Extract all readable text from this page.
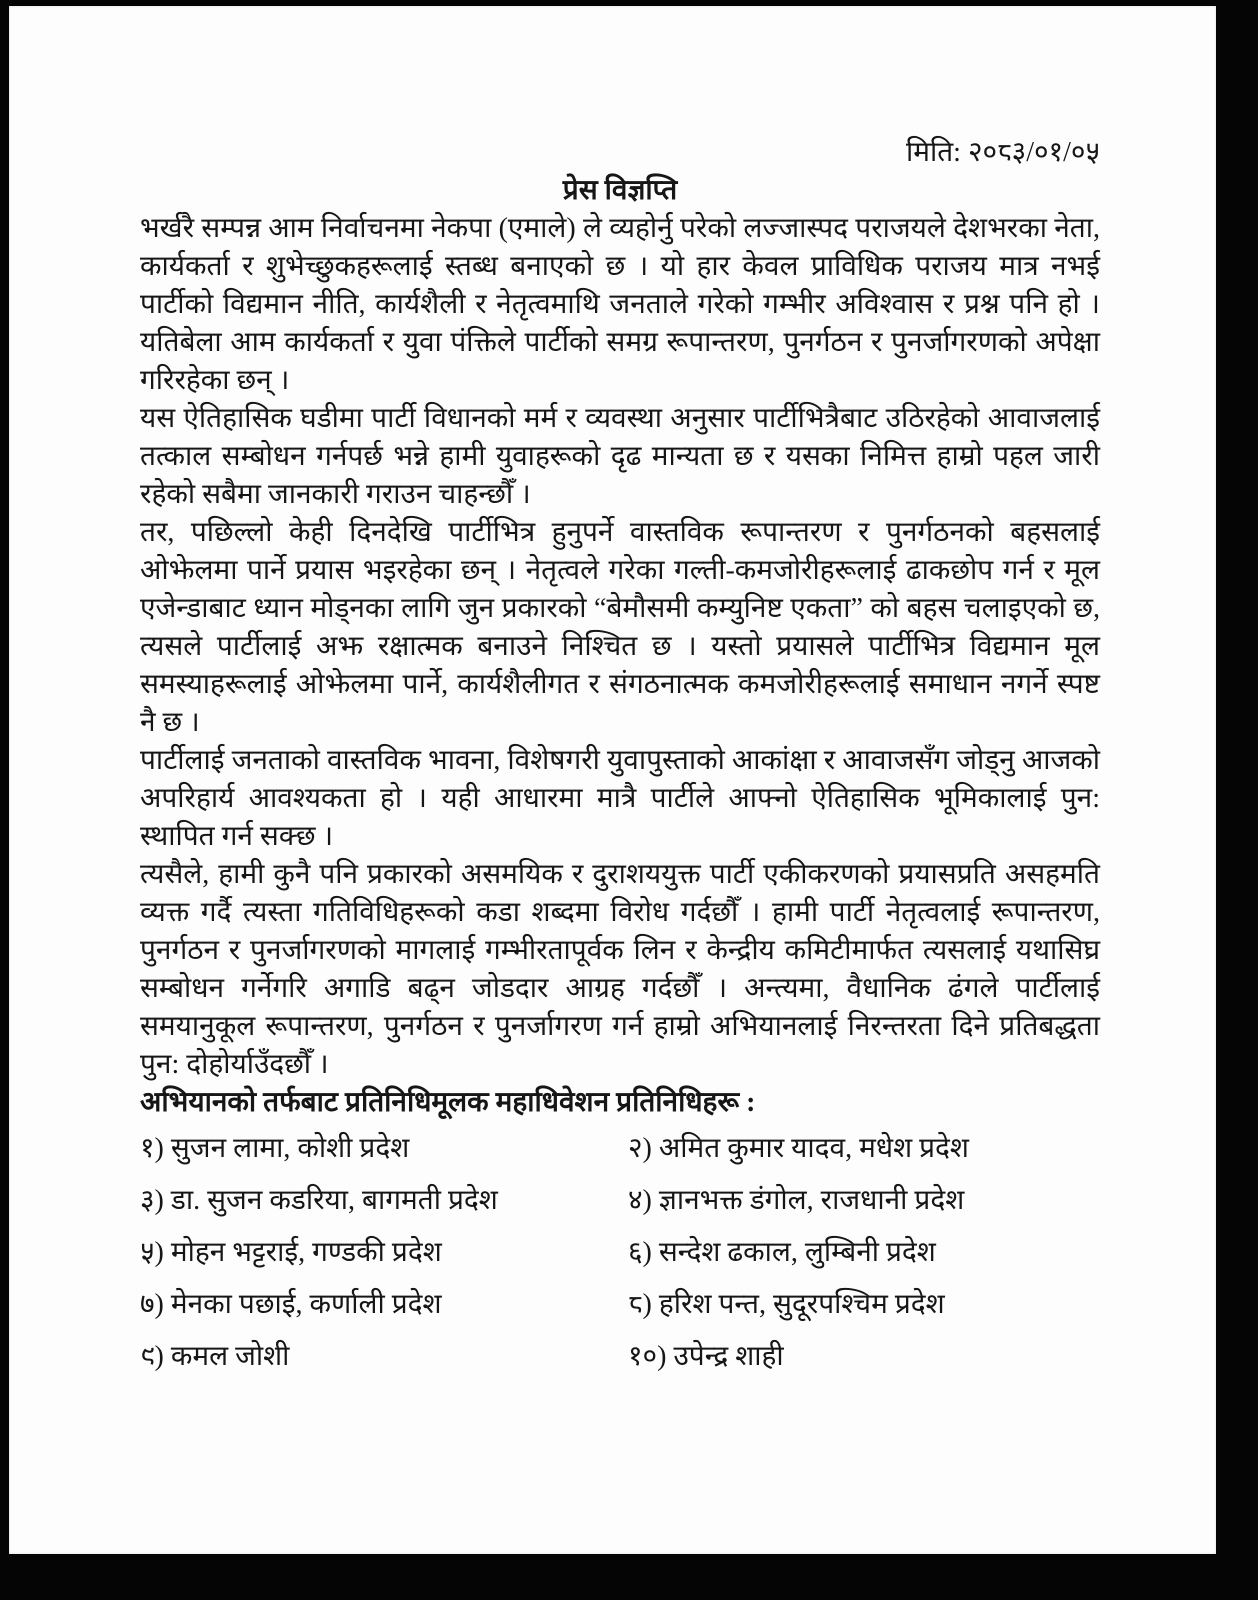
मिति: २०८३/०१/०५
प्रेस विज्ञप्ति

भर्खरै सम्पन्न आम निर्वाचनमा नेकपा (एमाले) ले व्यहोर्नु परेको लज्जास्पद पराजयले देशभरका नेता, कार्यकर्ता र शुभेच्छुकहरूलाई स्तब्ध बनाएको छ । यो हार केवल प्राविधिक पराजय मात्र नभई पार्टीको विद्यमान नीति, कार्यशैली र नेतृत्वमाथि जनताले गरेको गम्भीर अविश्वास र प्रश्न पनि हो । यतिबेला आम कार्यकर्ता र युवा पंक्तिले पार्टीको समग्र रूपान्तरण, पुनर्गठन र पुनर्जागरणको अपेक्षा गरिरहेका छन् ।

यस ऐतिहासिक घडीमा पार्टी विधानको मर्म र व्यवस्था अनुसार पार्टीभित्रैबाट उठिरहेको आवाजलाई तत्काल सम्बोधन गर्नपर्छ भन्ने हामी युवाहरूको दृढ मान्यता छ र यसका निमित्त हाम्रो पहल जारी रहेको सबैमा जानकारी गराउन चाहन्छौँ ।

तर, पछिल्लो केही दिनदेखि पार्टीभित्र हुनुपर्ने वास्तविक रूपान्तरण र पुनर्गठनको बहसलाई ओझेलमा पार्ने प्रयास भइरहेका छन् । नेतृत्वले गरेका गल्ती-कमजोरीहरूलाई ढाकछोप गर्न र मूल एजेन्डाबाट ध्यान मोड्नका लागि जुन प्रकारको “बेमौसमी कम्युनिष्ट एकता” को बहस चलाइएको छ, त्यसले पार्टीलाई अझ रक्षात्मक बनाउने निश्चित छ । यस्तो प्रयासले पार्टीभित्र विद्यमान मूल समस्याहरूलाई ओझेलमा पार्ने, कार्यशैलीगत र संगठनात्मक कमजोरीहरूलाई समाधान नगर्ने स्पष्ट नै छ ।

पार्टीलाई जनताको वास्तविक भावना, विशेषगरी युवापुस्ताको आकांक्षा र आवाजसँग जोड्नु आजको अपरिहार्य आवश्यकता हो । यही आधारमा मात्रै पार्टीले आफ्नो ऐतिहासिक भूमिकालाई पुन: स्थापित गर्न सक्छ ।

त्यसैले, हामी कुनै पनि प्रकारको असमयिक र दुराशययुक्त पार्टी एकीकरणको प्रयासप्रति असहमति व्यक्त गर्दै त्यस्ता गतिविधिहरूको कडा शब्दमा विरोध गर्दछौँ । हामी पार्टी नेतृत्वलाई रूपान्तरण, पुनर्गठन र पुनर्जागरणको मागलाई गम्भीरतापूर्वक लिन र केन्द्रीय कमिटीमार्फत त्यसलाई यथासिघ्र सम्बोधन गर्नेगरि अगाडि बढ्न जोडदार आग्रह गर्दछौँ । अन्त्यमा, वैधानिक ढंगले पार्टीलाई समयानुकूल रूपान्तरण, पुनर्गठन र पुनर्जागरण गर्न हाम्रो अभियानलाई निरन्तरता दिने प्रतिबद्धता पुन: दोहोर्याउँदछौँ ।

अभियानको तर्फबाट प्रतिनिधिमूलक महाधिवेशन प्रतिनिधिहरू :
१) सुजन लामा, कोशी प्रदेश	२) अमित कुमार यादव, मधेश प्रदेश
३) डा. सुजन कडरिया, बागमती प्रदेश	४) ज्ञानभक्त डंगोल, राजधानी प्रदेश
५) मोहन भट्टराई, गण्डकी प्रदेश	६) सन्देश ढकाल, लुम्बिनी प्रदेश
७) मेनका पछाई, कर्णाली प्रदेश	८) हरिश पन्त, सुदूरपश्चिम प्रदेश
९) कमल जोशी	१०) उपेन्द्र शाही
